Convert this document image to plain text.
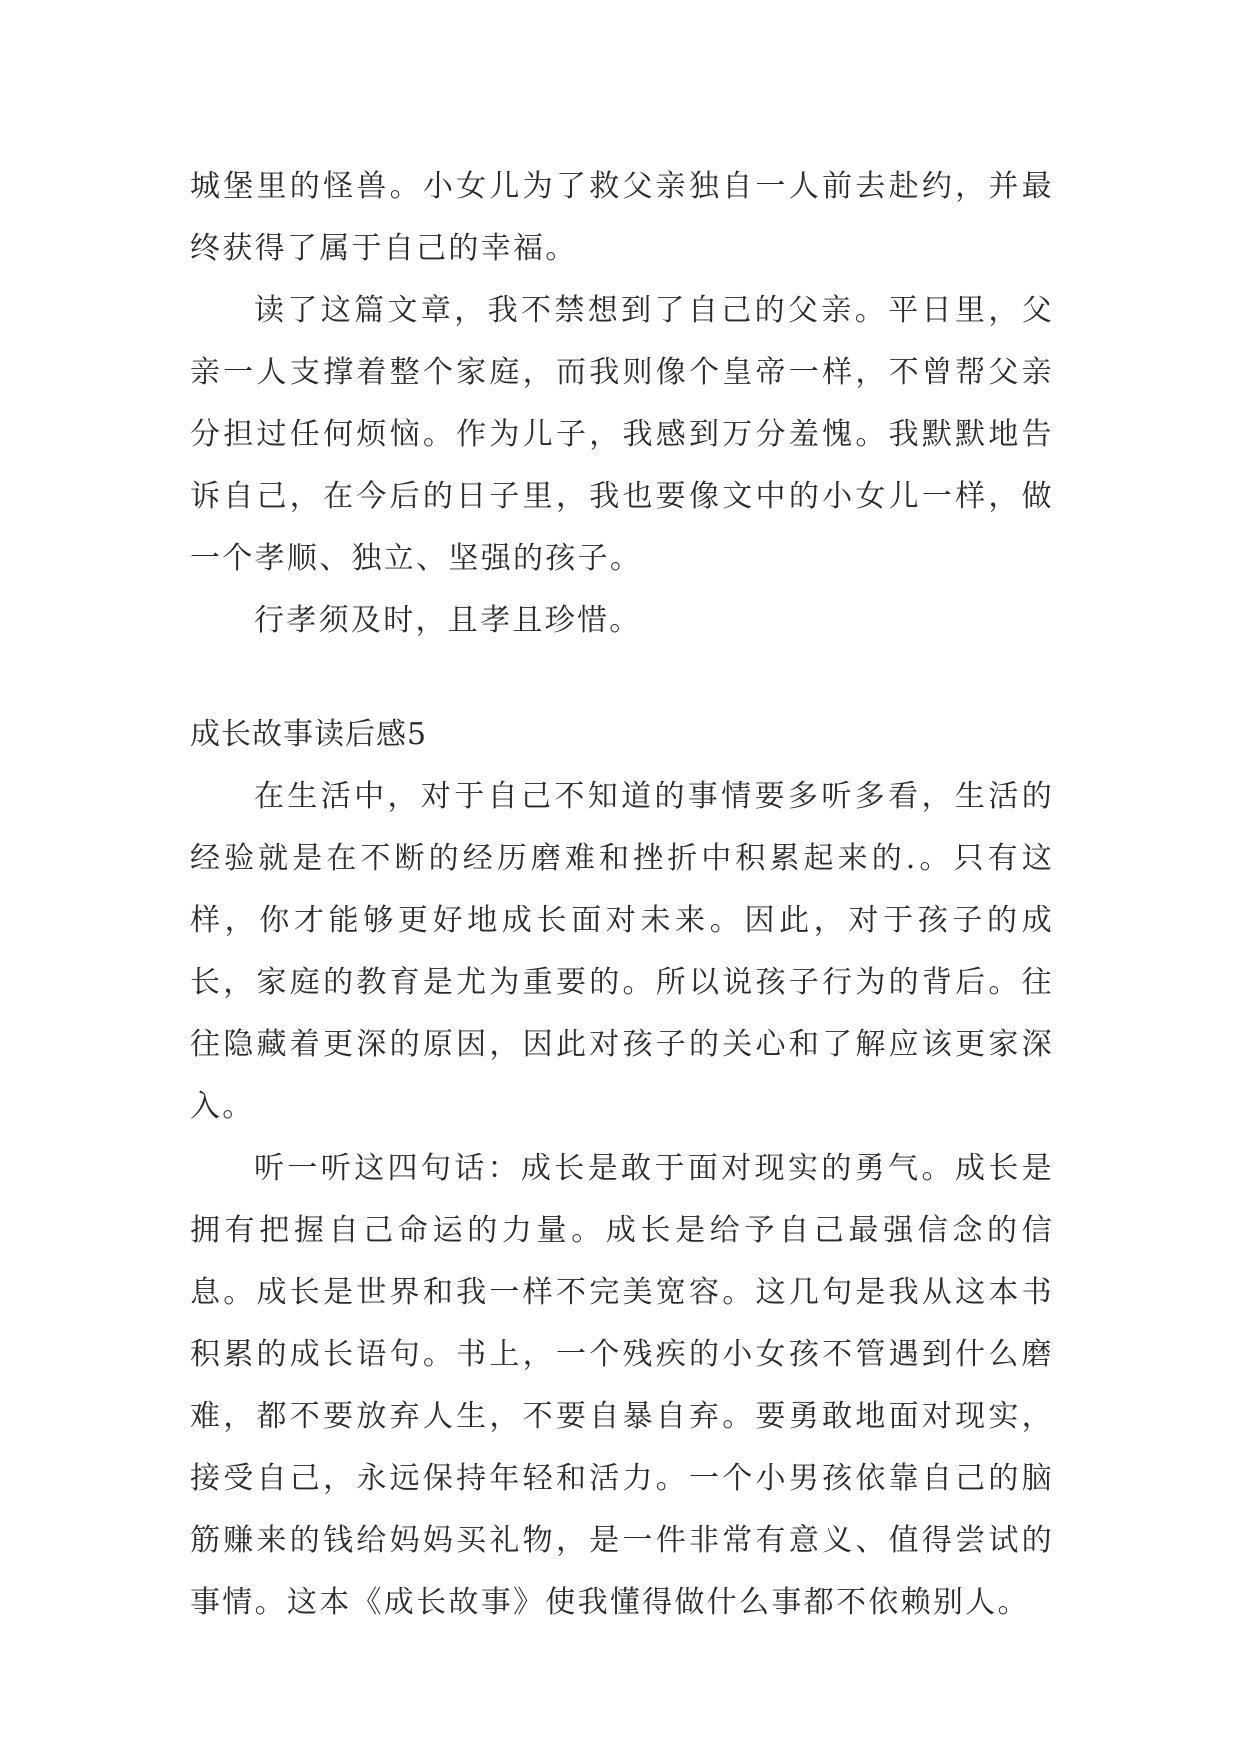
城堡里的怪兽。小女儿为了救父亲独自一人前去赴约，并最终获得了属于自己的幸福。

读了这篇文章，我不禁想到了自己的父亲。平日里，父亲一人支撑着整个家庭，而我则像个皇帝一样，不曾帮父亲分担过任何烦恼。作为儿子，我感到万分羞愧。我默默地告诉自己，在今后的日子里，我也要像文中的小女儿一样，做一个孝顺、独立、坚强的孩子。

行孝须及时，且孝且珍惜。

成长故事读后感5

在生活中，对于自己不知道的事情要多听多看，生活的经验就是在不断的经历磨难和挫折中积累起来的.。只有这样，你才能够更好地成长面对未来。因此，对于孩子的成长，家庭的教育是尤为重要的。所以说孩子行为的背后。往往隐藏着更深的原因，因此对孩子的关心和了解应该更家深入。

听一听这四句话：成长是敢于面对现实的勇气。成长是拥有把握自己命运的力量。成长是给予自己最强信念的信息。成长是世界和我一样不完美宽容。这几句是我从这本书积累的成长语句。书上，一个残疾的小女孩不管遇到什么磨难，都不要放弃人生，不要自暴自弃。要勇敢地面对现实，接受自己，永远保持年轻和活力。一个小男孩依靠自己的脑筋赚来的钱给妈妈买礼物，是一件非常有意义、值得尝试的事情。这本《成长故事》使我懂得做什么事都不依赖别人。
